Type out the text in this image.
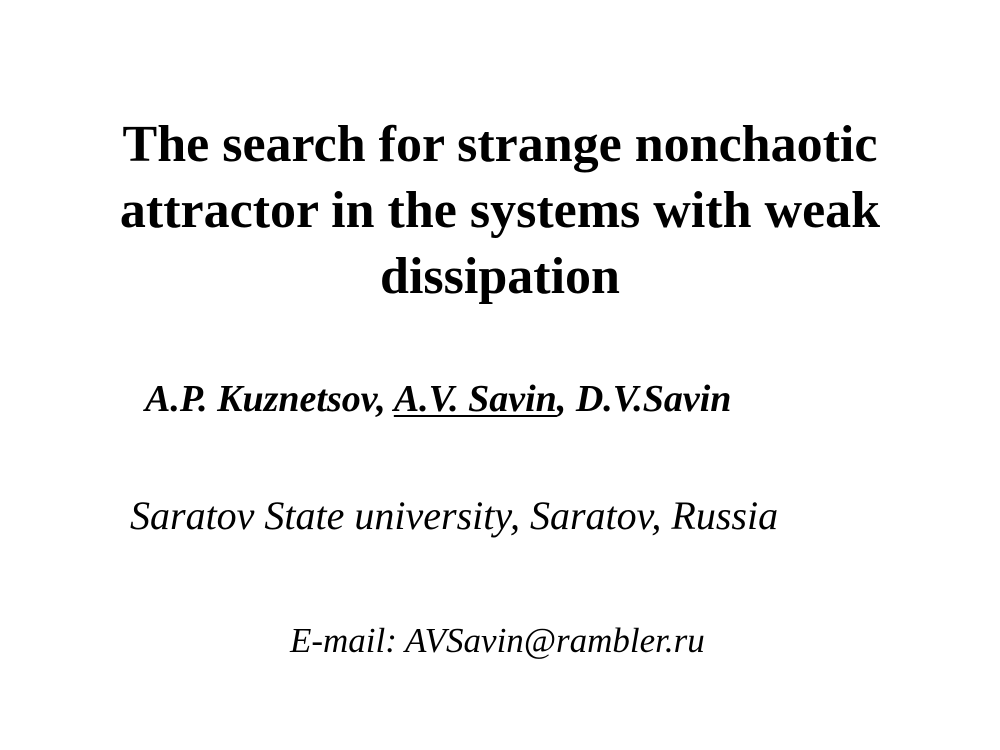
The search for strange nonchaotic
attractor in the systems with weak
dissipation
A.P. Kuznetsov, A.V. Savin, D.V.Savin
Saratov State university, Saratov, Russia
E-mail: AVSavin@rambler.ru
